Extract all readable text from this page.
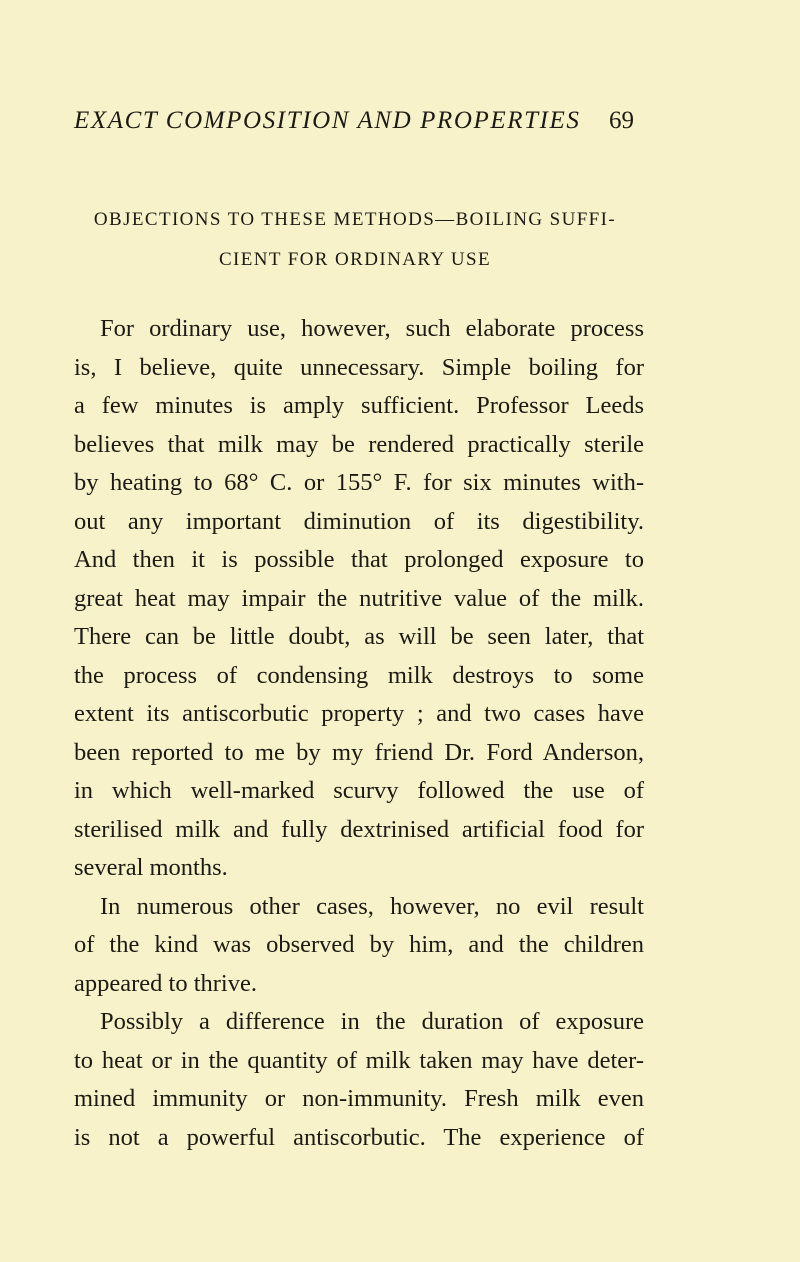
EXACT COMPOSITION AND PROPERTIES 69
OBJECTIONS TO THESE METHODS—BOILING SUFFI-
CIENT FOR ORDINARY USE
For ordinary use, however, such elaborate process
is, I believe, quite unnecessary. Simple boiling for
a few minutes is amply sufficient. Professor Leeds
believes that milk may be rendered practically sterile
by heating to 68° C. or 155° F. for six minutes with-
out any important diminution of its digestibility.
And then it is possible that prolonged exposure to
great heat may impair the nutritive value of the milk.
There can be little doubt, as will be seen later, that
the process of condensing milk destroys to some
extent its antiscorbutic property ; and two cases have
been reported to me by my friend Dr. Ford Anderson,
in which well-marked scurvy followed the use of
sterilised milk and fully dextrinised artificial food for
several months.
In numerous other cases, however, no evil result
of the kind was observed by him, and the children
appeared to thrive.
Possibly a difference in the duration of exposure
to heat or in the quantity of milk taken may have deter-
mined immunity or non-immunity. Fresh milk even
is not a powerful antiscorbutic. The experience of
